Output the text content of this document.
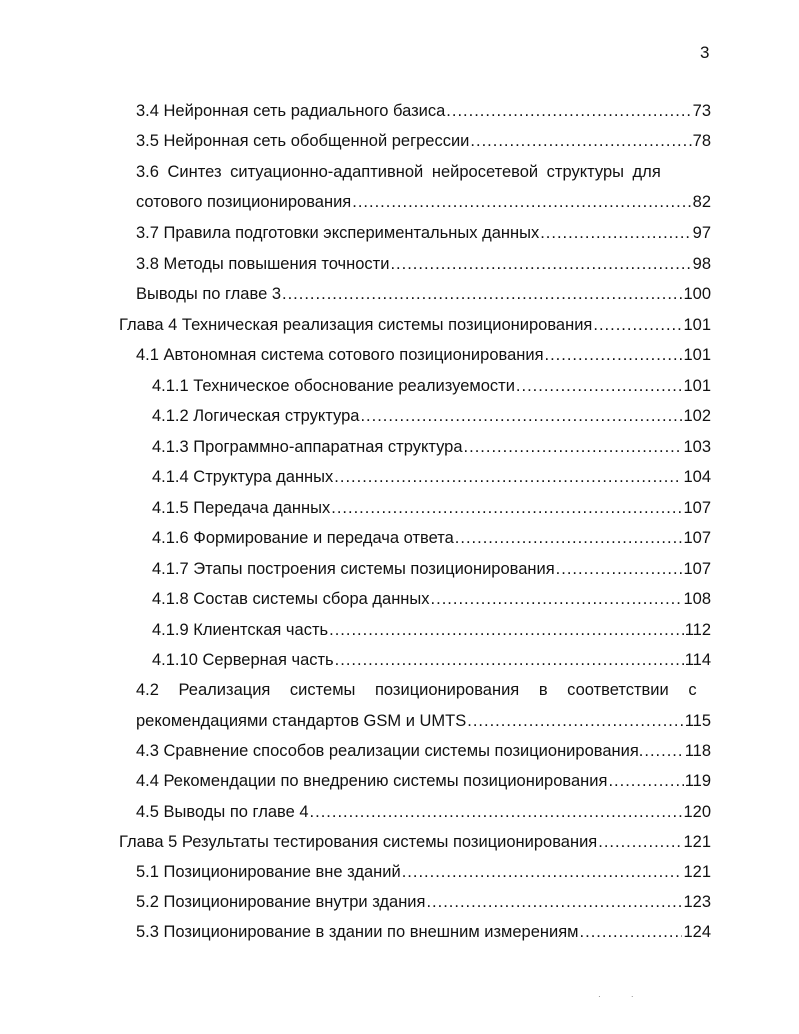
3
3.4 Нейронная сеть радиального базиса .....	73
3.5 Нейронная сеть обобщенной регрессии .....	78
3.6 Синтез ситуационно-адаптивной нейросетевой структуры для
сотового позиционирования .....	82
3.7 Правила подготовки экспериментальных данных .....	97
3.8 Методы повышения точности .....	98
Выводы по главе 3 .....	100
Глава 4 Техническая реализация системы позиционирования .....	101
4.1 Автономная система сотового позиционирования .....	101
4.1.1 Техническое обоснование реализуемости .....	101
4.1.2 Логическая структура .....	102
4.1.3 Программно-аппаратная структура .....	103
4.1.4 Структура данных .....	104
4.1.5 Передача данных .....	107
4.1.6 Формирование и передача ответа .....	107
4.1.7 Этапы построения системы позиционирования .....	107
4.1.8 Состав системы сбора данных .....	108
4.1.9 Клиентская часть .....	112
4.1.10 Серверная часть .....	114
4.2 Реализация системы позиционирования в соответствии с
рекомендациями стандартов GSM и UMTS .....	115
4.3 Сравнение способов реализации системы позиционирования. .....	118
4.4 Рекомендации по внедрению системы позиционирования .....	119
4.5 Выводы по главе 4 .....	120
Глава 5 Результаты тестирования системы позиционирования .....	121
5.1 Позиционирование вне зданий .....	121
5.2 Позиционирование внутри здания .....	123
5.3 Позиционирование в здании по внешним измерениям .....	124
· ·
